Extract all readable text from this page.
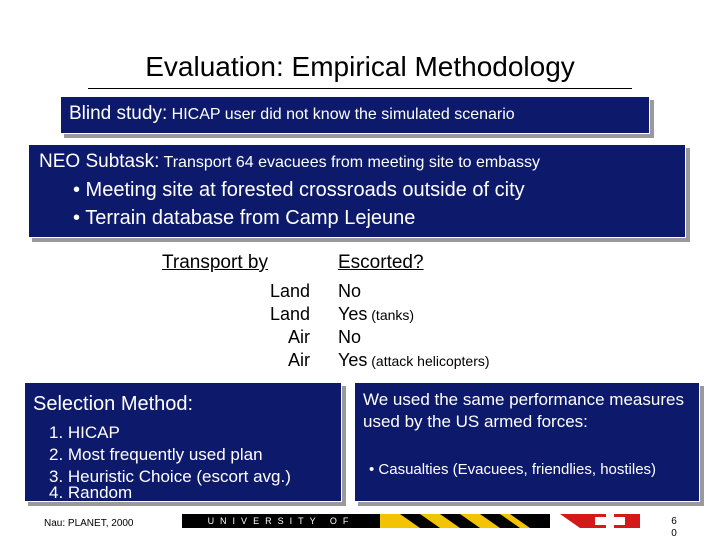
Evaluation: Empirical Methodology
Blind study: HICAP user did not know the simulated scenario
NEO Subtask: Transport 64 evacuees from meeting site to embassy
• Meeting site at forested crossroads outside of city
• Terrain database from Camp Lejeune
Transport by	Escorted?
Land No
Land Yes (tanks)
Air No
Air Yes (attack helicopters)
Selection Method:
1. HICAP
2. Most frequently used plan
3. Heuristic Choice (escort avg.)
4. Random
We used the same performance measures used by the US armed forces:
• Casualties (Evacuees, friendlies, hostiles)
Nau: PLANET, 2000	UNIVERSITY OF MARYLAND
6 0
